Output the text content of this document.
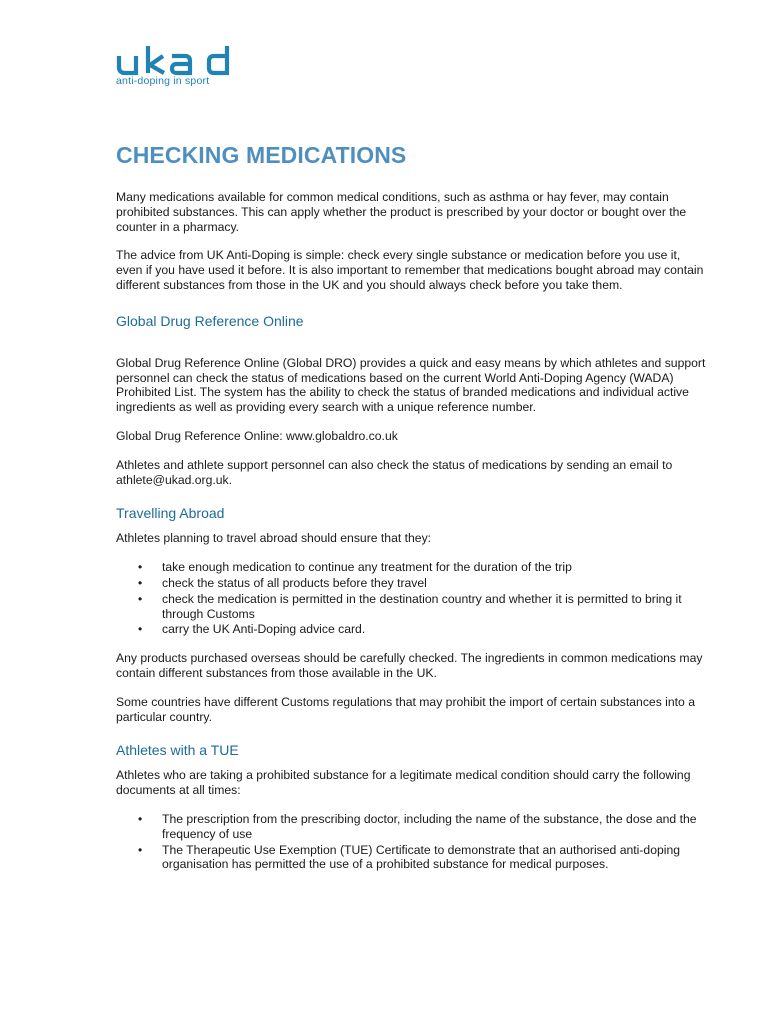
anti-doping in sport
CHECKING MEDICATIONS

Many medications available for common medical conditions, such as asthma or hay fever, may contain prohibited substances. This can apply whether the product is prescribed by your doctor or bought over the counter in a pharmacy.

The advice from UK Anti-Doping is simple: check every single substance or medication before you use it, even if you have used it before. It is also important to remember that medications bought abroad may contain different substances from those in the UK and you should always check before you take them.

Global Drug Reference Online

Global Drug Reference Online (Global DRO) provides a quick and easy means by which athletes and support personnel can check the status of medications based on the current World Anti-Doping Agency (WADA) Prohibited List. The system has the ability to check the status of branded medications and individual active ingredients as well as providing every search with a unique reference number.

Global Drug Reference Online: www.globaldro.co.uk

Athletes and athlete support personnel can also check the status of medications by sending an email to athlete@ukad.org.uk.

Travelling Abroad

Athletes planning to travel abroad should ensure that they:

• take enough medication to continue any treatment for the duration of the trip
• check the status of all products before they travel
• check the medication is permitted in the destination country and whether it is permitted to bring it through Customs
• carry the UK Anti-Doping advice card.

Any products purchased overseas should be carefully checked. The ingredients in common medications may contain different substances from those available in the UK.

Some countries have different Customs regulations that may prohibit the import of certain substances into a particular country.

Athletes with a TUE

Athletes who are taking a prohibited substance for a legitimate medical condition should carry the following documents at all times:

• The prescription from the prescribing doctor, including the name of the substance, the dose and the frequency of use
• The Therapeutic Use Exemption (TUE) Certificate to demonstrate that an authorised anti-doping organisation has permitted the use of a prohibited substance for medical purposes.
